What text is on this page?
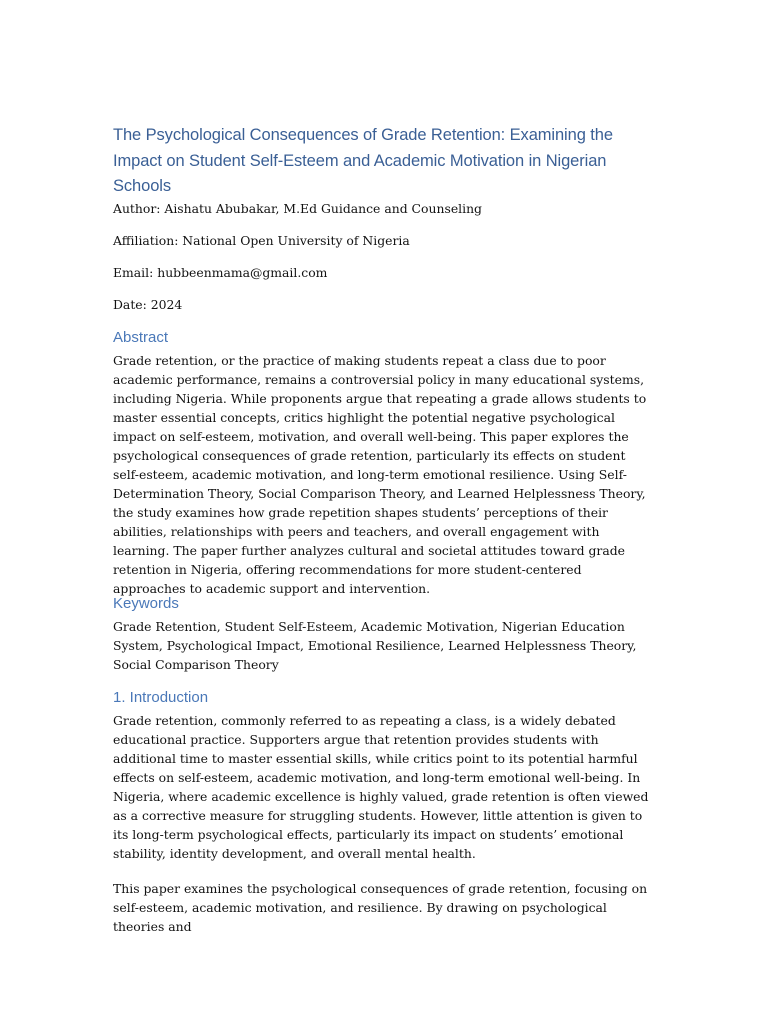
The Psychological Consequences of Grade Retention: Examining the Impact on Student Self-Esteem and Academic Motivation in Nigerian Schools

Author: Aishatu Abubakar, M.Ed Guidance and Counseling

Affiliation: National Open University of Nigeria

Email: hubbeenmama@gmail.com

Date: 2024

Abstract

Grade retention, or the practice of making students repeat a class due to poor academic performance, remains a controversial policy in many educational systems, including Nigeria. While proponents argue that repeating a grade allows students to master essential concepts, critics highlight the potential negative psychological impact on self-esteem, motivation, and overall well-being. This paper explores the psychological consequences of grade retention, particularly its effects on student self-esteem, academic motivation, and long-term emotional resilience. Using Self-Determination Theory, Social Comparison Theory, and Learned Helplessness Theory, the study examines how grade repetition shapes students’ perceptions of their abilities, relationships with peers and teachers, and overall engagement with learning. The paper further analyzes cultural and societal attitudes toward grade retention in Nigeria, offering recommendations for more student-centered approaches to academic support and intervention.

Keywords

Grade Retention, Student Self-Esteem, Academic Motivation, Nigerian Education System, Psychological Impact, Emotional Resilience, Learned Helplessness Theory, Social Comparison Theory

1. Introduction

Grade retention, commonly referred to as repeating a class, is a widely debated educational practice. Supporters argue that retention provides students with additional time to master essential skills, while critics point to its potential harmful effects on self-esteem, academic motivation, and long-term emotional well-being. In Nigeria, where academic excellence is highly valued, grade retention is often viewed as a corrective measure for struggling students. However, little attention is given to its long-term psychological effects, particularly its impact on students’ emotional stability, identity development, and overall mental health.

This paper examines the psychological consequences of grade retention, focusing on self-esteem, academic motivation, and resilience. By drawing on psychological theories and
